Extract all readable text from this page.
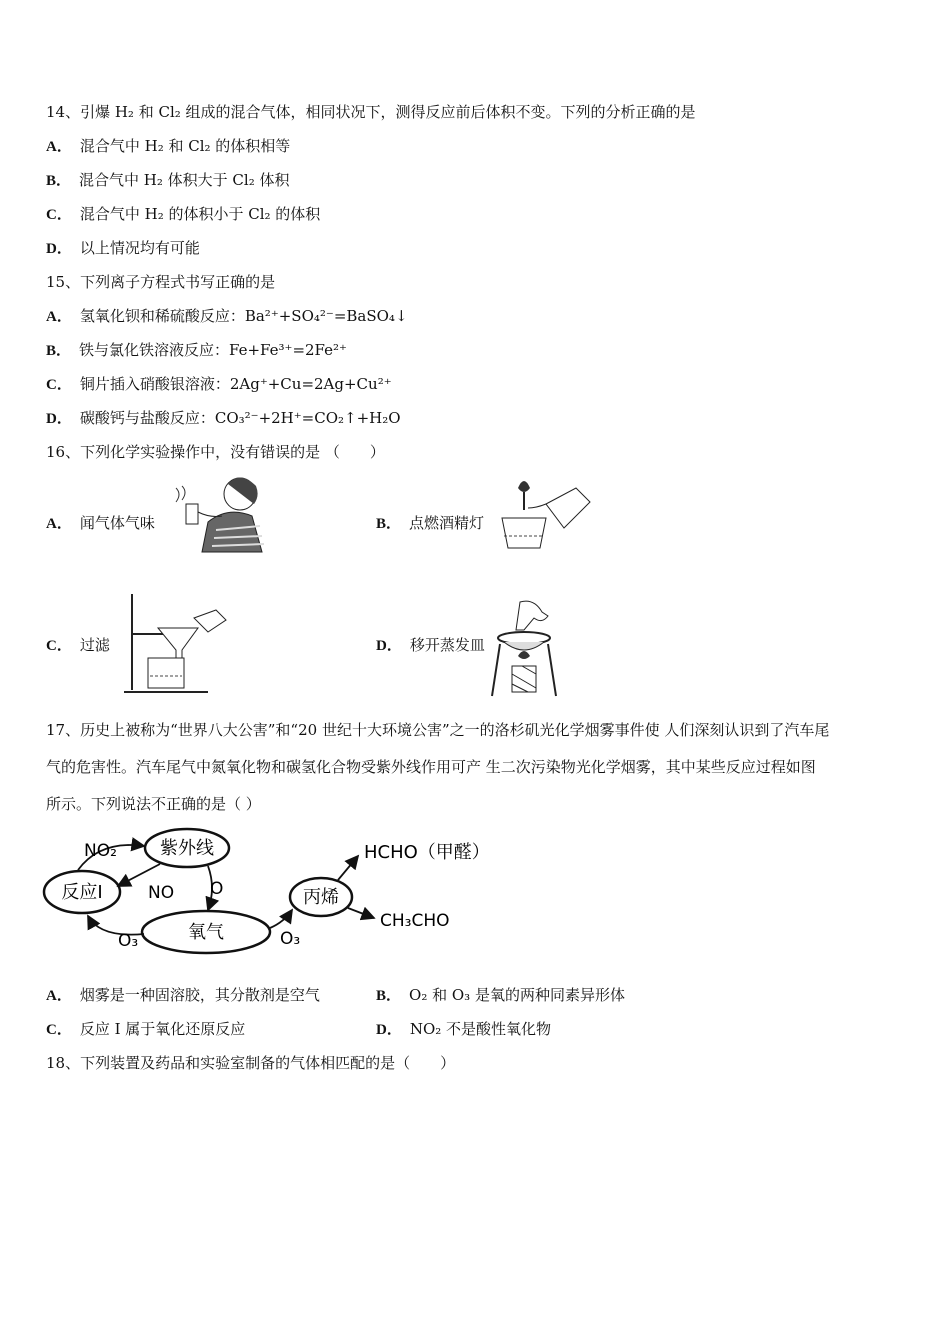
14、引爆 H₂ 和 Cl₂ 组成的混合气体，相同状况下，测得反应前后体积不变。下列的分析正确的是
A． 混合气中 H₂ 和 Cl₂ 的体积相等
B． 混合气中 H₂ 体积大于 Cl₂ 体积
C． 混合气中 H₂ 的体积小于 Cl₂ 的体积
D． 以上情况均有可能
15、下列离子方程式书写正确的是
A． 氢氧化钡和稀硫酸反应：Ba²⁺+SO₄²⁻=BaSO₄↓
B． 铁与氯化铁溶液反应：Fe+Fe³⁺=2Fe²⁺
C． 铜片插入硝酸银溶液：2Ag⁺+Cu=2Ag+Cu²⁺
D． 碳酸钙与盐酸反应：CO₃²⁻+2H⁺=CO₂↑+H₂O
16、下列化学实验操作中，没有错误的是 （　　）
A． 闻气体气味	B． 点燃酒精灯
C． 过滤	D． 移开蒸发皿
17、历史上被称为“世界八大公害”和“20 世纪十大环境公害”之一的洛杉矶光化学烟雾事件使 人们深刻认识到了汽车尾
气的危害性。汽车尾气中氮氧化物和碳氢化合物受紫外线作用可产 生二次污染物光化学烟雾，其中某些反应过程如图
所示。下列说法不正确的是（ ）
紫外线
反应I
氧气
丙烯
NO₂
NO O
O₃	O₃
HCHO（甲醛）
CH₃CHO
A． 烟雾是一种固溶胶，其分散剂是空气	B． O₂ 和 O₃ 是氧的两种同素异形体
C． 反应 I 属于氧化还原反应	D． NO₂ 不是酸性氧化物
18、下列装置及药品和实验室制备的气体相匹配的是（　　）
